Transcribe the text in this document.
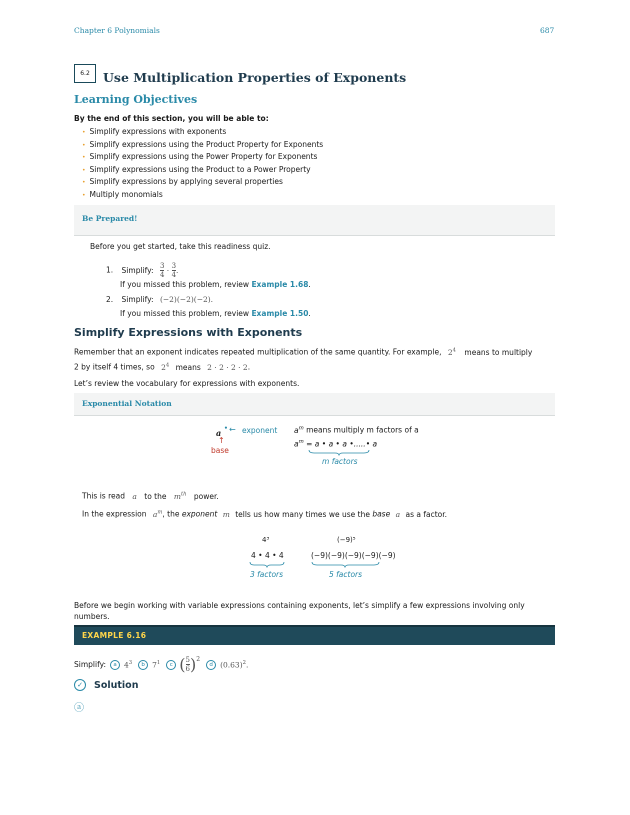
Chapter 6 Polynomials	687
6.2	Use Multiplication Properties of Exponents
Learning Objectives
By the end of this section, you will be able to:
• Simplify expressions with exponents
• Simplify expressions using the Product Property for Exponents
• Simplify expressions using the Power Property for Exponents
• Simplify expressions using the Product to a Power Property
• Simplify expressions by applying several properties
• Multiply monomials
Be Prepared!
Before you get started, take this readiness quiz.
1. Simplify: $\frac{3}{4} \cdot \frac{3}{4}$ .
If you missed this problem, review Example 1.68.
2. Simplify: (−2)(−2)(−2).
If you missed this problem, review Example 1.50.
Simplify Expressions with Exponents
Remember that an exponent indicates repeated multiplication of the same quantity. For example, $2^4$ means to multiply
2 by itself 4 times, so $2^4$ means 2 · 2 · 2 · 2.
Let’s review the vocabulary for expressions with exponents.
Exponential Notation
a • ← exponent
↑
base
$a^m$ means multiply m factors of a
$a^m = a$ • a • a •.....• a
m factors
This is read a to the $m^{th}$ power.
In the expression $a^m$, the exponent m tells us how many times we use the base a as a factor.
4³
4 • 4 • 4
3 factors
(−9)⁵
(−9)(−9)(−9)(−9)(−9)
5 factors
Before we begin working with variable expressions containing exponents, let’s simplify a few expressions involving only numbers.
EXAMPLE 6.16
Simplify:	a $4^3$	b $7^1$	c ( 5
6 ) 2
d $(0.63)^2$.
✓	Solution
ⓐ
